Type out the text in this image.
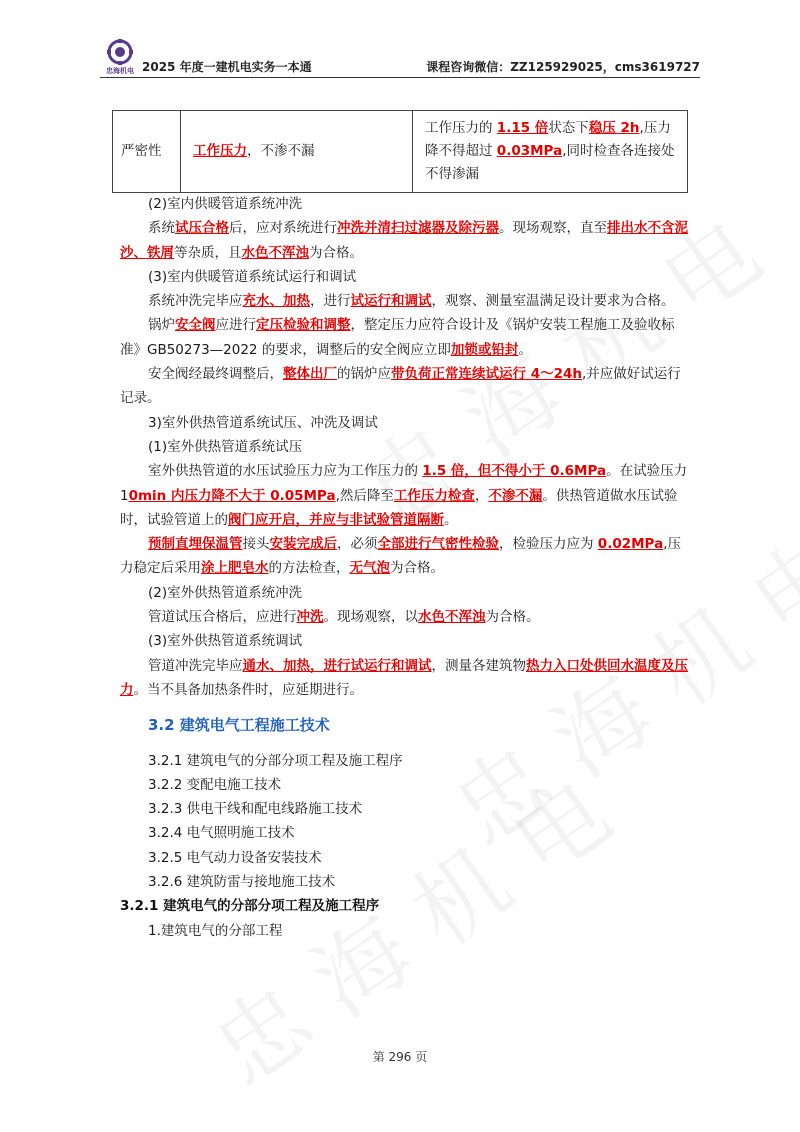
忠海机电 2025 年度一建机电实务一本通	课程咨询微信：ZZ125929025，cms3619727
严密性	工作压力，不渗不漏	工作压力的 1.15 倍状态下稳压 2h,压力降不得超过 0.03MPa,同时检查各连接处不得渗漏

(2)室内供暖管道系统冲洗

系统试压合格后，应对系统进行冲洗并清扫过滤器及除污器。现场观察，直至排出水不含泥沙、铁屑等杂质，且水色不浑浊为合格。

(3)室内供暖管道系统试运行和调试

系统冲洗完毕应充水、加热，进行试运行和调试，观察、测量室温满足设计要求为合格。

锅炉安全阀应进行定压检验和调整，整定压力应符合设计及《锅炉安装工程施工及验收标准》GB50273—2022 的要求，调整后的安全阀应立即加锁或铅封。

安全阀经最终调整后，整体出厂的锅炉应带负荷正常连续试运行 4～24h,并应做好试运行记录。

3)室外供热管道系统试压、冲洗及调试

(1)室外供热管道系统试压

室外供热管道的水压试验压力应为工作压力的 1.5 倍，但不得小于 0.6MPa。在试验压力 10min 内压力降不大于 0.05MPa,然后降至工作压力检查，不渗不漏。供热管道做水压试验时，试验管道上的阀门应开启，并应与非试验管道隔断。

预制直埋保温管接头安装完成后，必须全部进行气密性检验，检验压力应为 0.02MPa,压力稳定后采用涂上肥皂水的方法检查，无气泡为合格。

(2)室外供热管道系统冲洗

管道试压合格后，应进行冲洗。现场观察，以水色不浑浊为合格。

(3)室外供热管道系统调试

管道冲洗完毕应通水、加热，进行试运行和调试，测量各建筑物热力入口处供回水温度及压力。当不具备加热条件时，应延期进行。

3.2 建筑电气工程施工技术

3.2.1 建筑电气的分部分项工程及施工程序

3.2.2 变配电施工技术

3.2.3 供电干线和配电线路施工技术

3.2.4 电气照明施工技术

3.2.5 电气动力设备安装技术

3.2.6 建筑防雷与接地施工技术

3.2.1 建筑电气的分部分项工程及施工程序

1.建筑电气的分部工程

第 296 页
